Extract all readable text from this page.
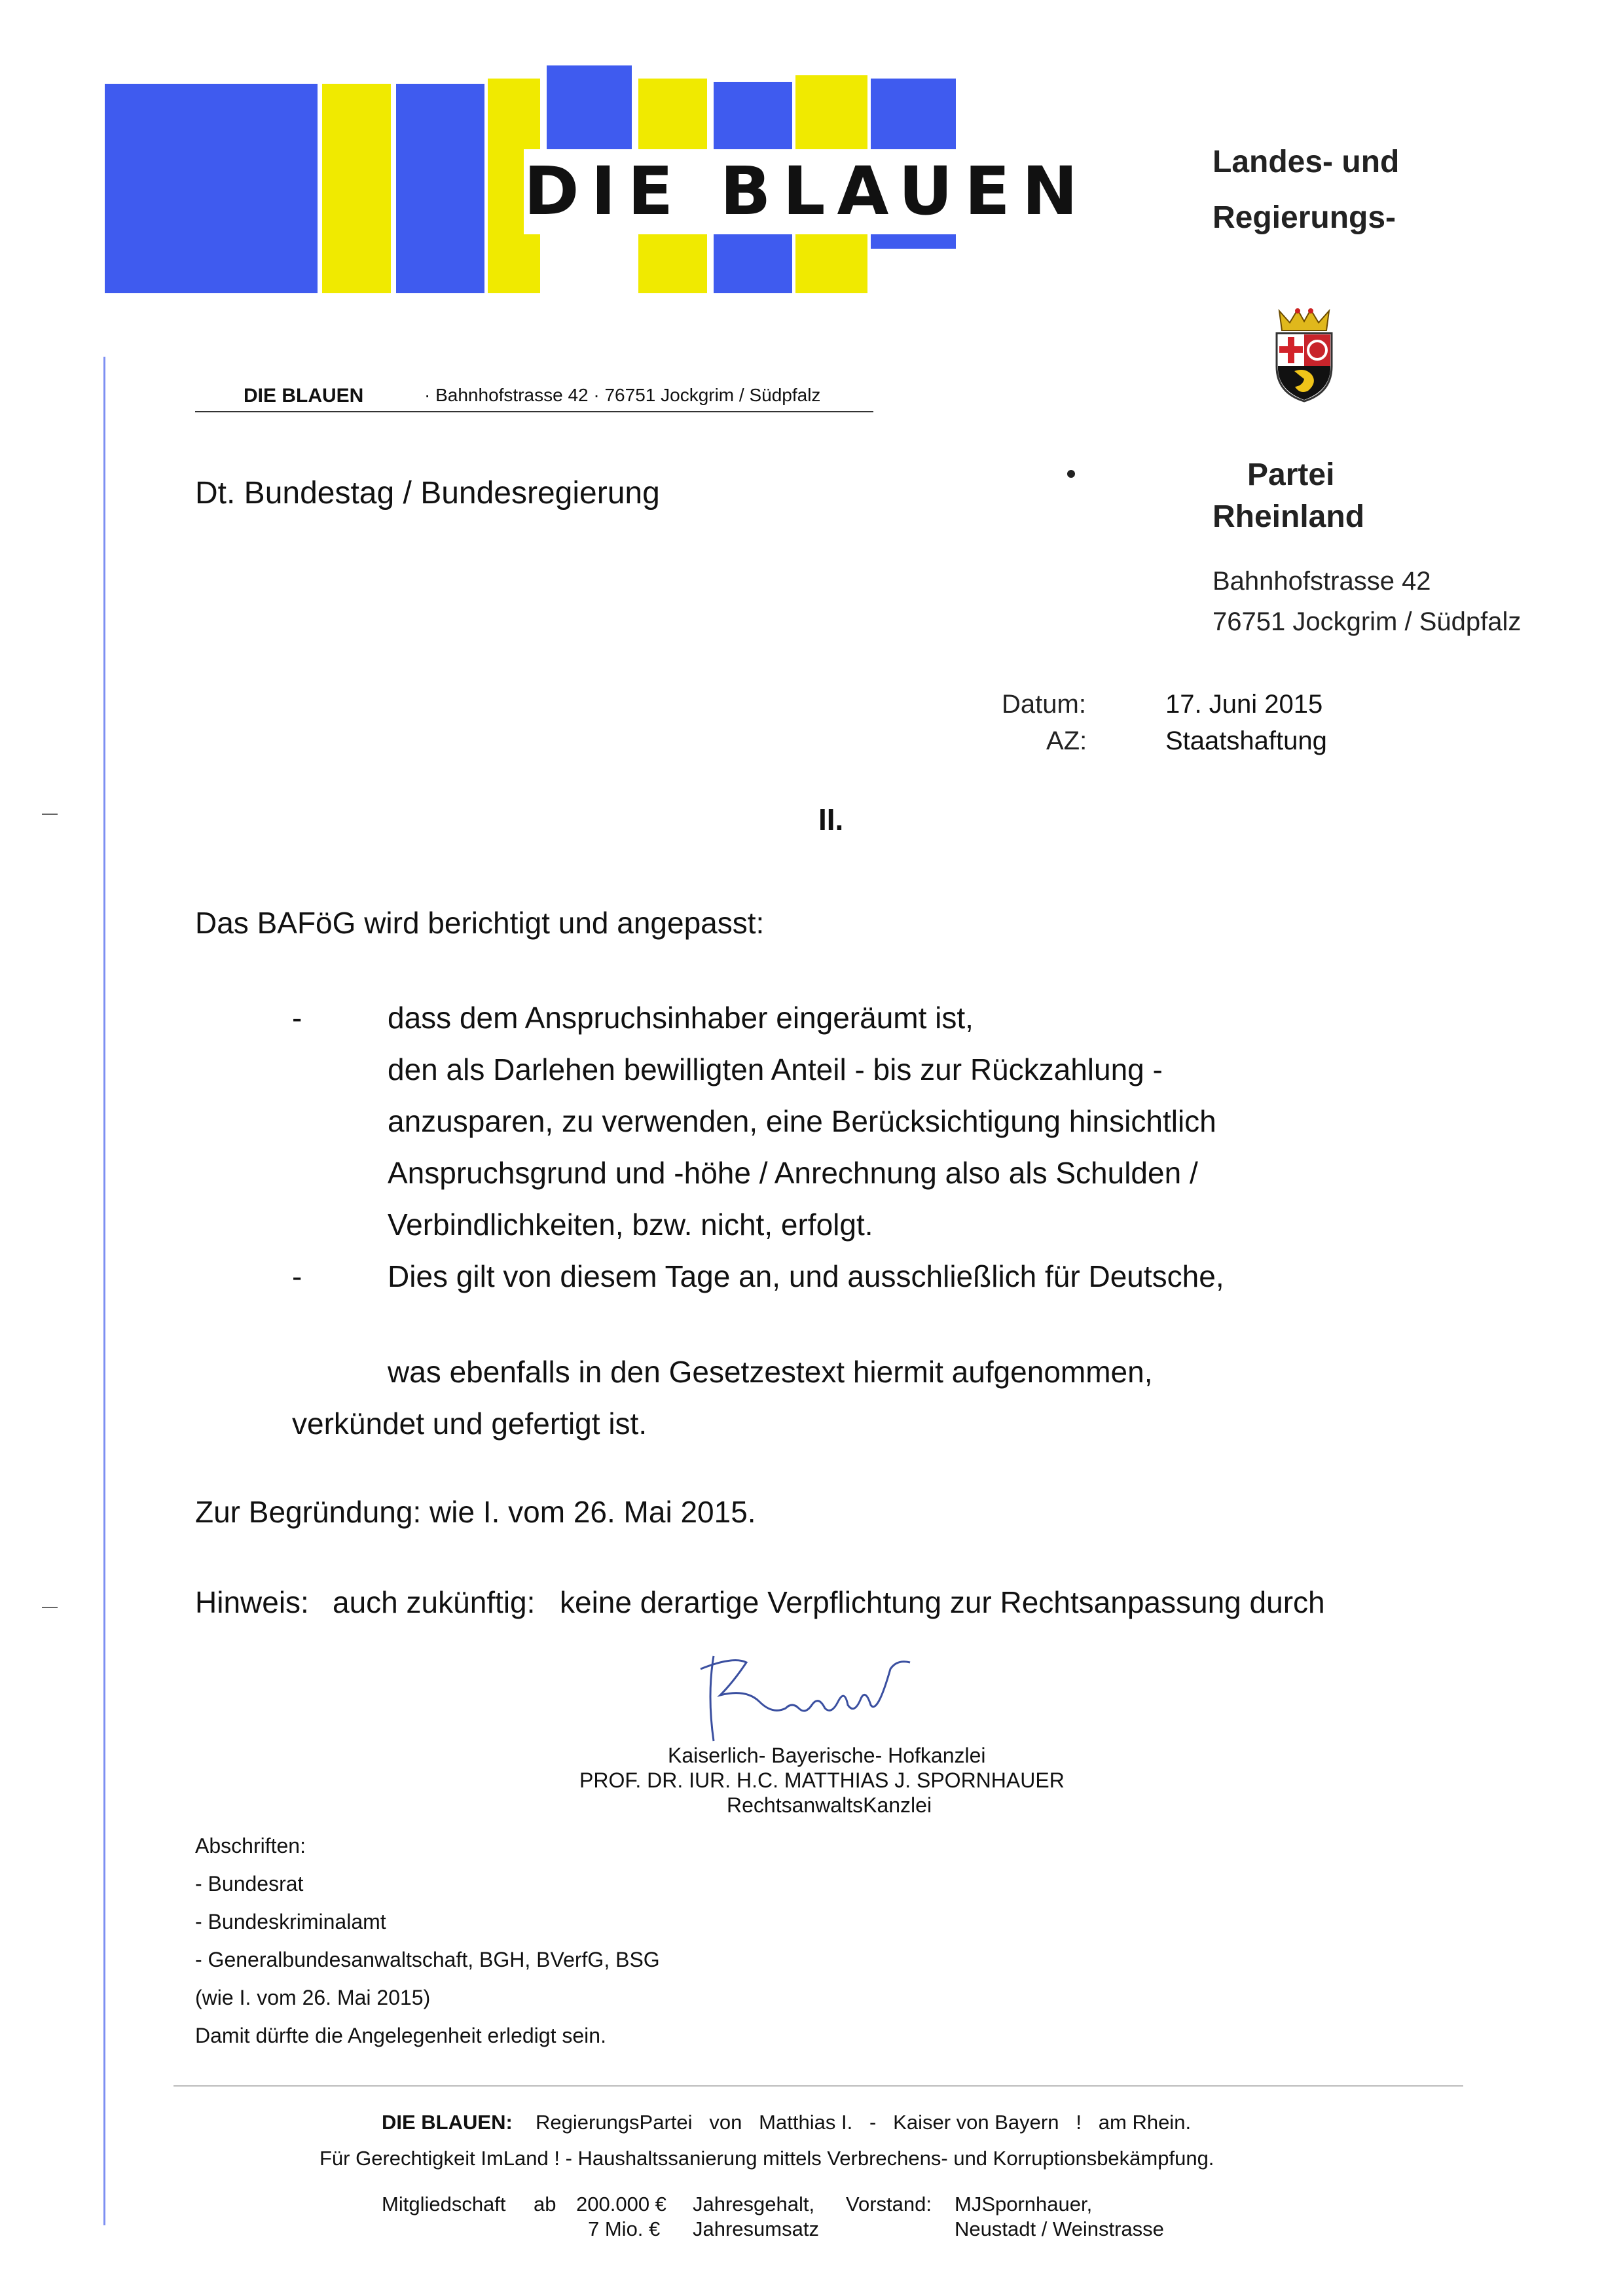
DIE BLAUEN	Landes- und
Regierungs-
Partei
Rheinland
Bahnhofstrasse 42
76751 Jockgrim / Südpfalz
DIE BLAUEN	· Bahnhofstrasse 42 · 76751 Jockgrim / Südpfalz
Dt. Bundestag / Bundesregierung
Datum:	17. Juni 2015
AZ:	Staatshaftung
II.
Das BAFöG wird berichtigt und angepasst:
-	dass dem Anspruchsinhaber eingeräumt ist,
den als Darlehen bewilligten Anteil - bis zur Rückzahlung -
anzusparen, zu verwenden, eine Berücksichtigung hinsichtlich
Anspruchsgrund und -höhe / Anrechnung also als Schulden /
Verbindlichkeiten, bzw. nicht, erfolgt.
-	Dies gilt von diesem Tage an, und ausschließlich für Deutsche,
was ebenfalls in den Gesetzestext hiermit aufgenommen,
verkündet und gefertigt ist.
Zur Begründung: wie I. vom 26. Mai 2015.
Hinweis: auch zukünftig: keine derartige Verpflichtung zur Rechtsanpassung durch
Kaiserlich- Bayerische- Hofkanzlei
PROF. DR. IUR. H.C. MATTHIAS J. SPORNHAUER
RechtsanwaltsKanzlei
Abschriften:
- Bundesrat
- Bundeskriminalamt
- Generalbundesanwaltschaft, BGH, BVerfG, BSG
(wie I. vom 26. Mai 2015)
Damit dürfte die Angelegenheit erledigt sein.
DIE BLAUEN: RegierungsPartei   von   Matthias I.   -   Kaiser von Bayern   !   am Rhein.
Für Gerechtigkeit ImLand ! - Haushaltssanierung mittels Verbrechens- und Korruptionsbekämpfung.
Mitgliedschaft ab 200.000 € Jahresgehalt,
7 Mio. € Jahresumsatz
Vorstand: MJSpornhauer,
Neustadt / Weinstrasse
